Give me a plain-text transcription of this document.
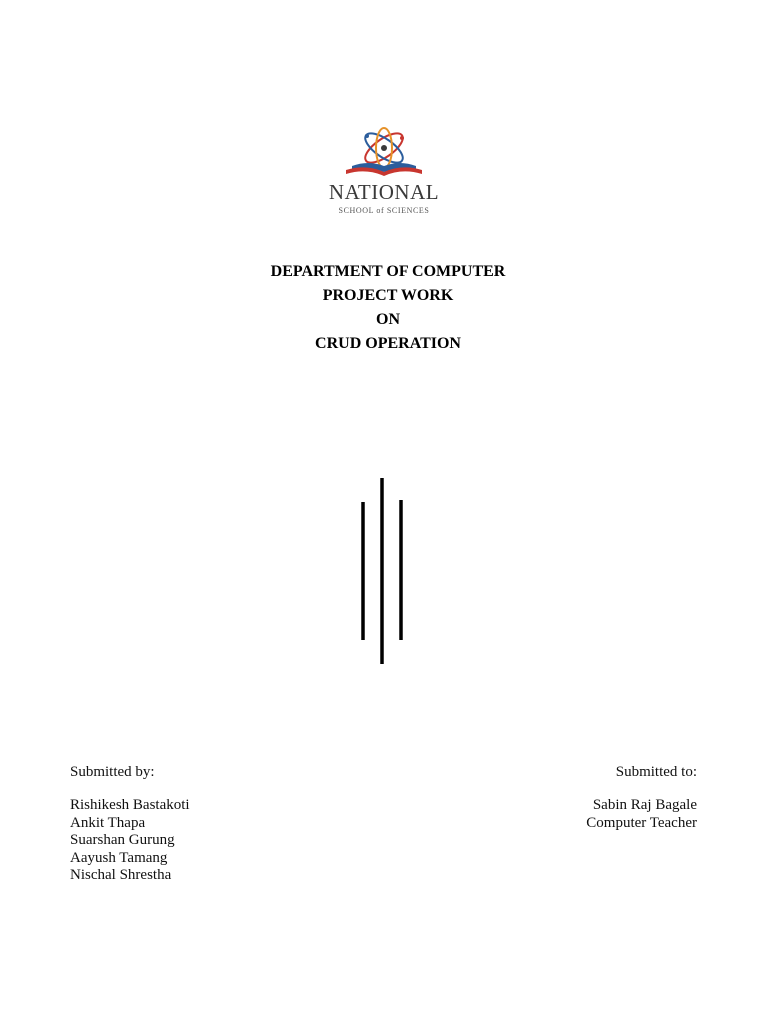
NATIONAL
SCHOOL of SCIENCES
DEPARTMENT OF COMPUTER
PROJECT WORK
ON
CRUD OPERATION
Submitted by:
Rishikesh Bastakoti
Ankit Thapa
Suarshan Gurung
Aayush Tamang
Nischal Shrestha
Submitted to:
Sabin Raj Bagale
Computer Teacher
